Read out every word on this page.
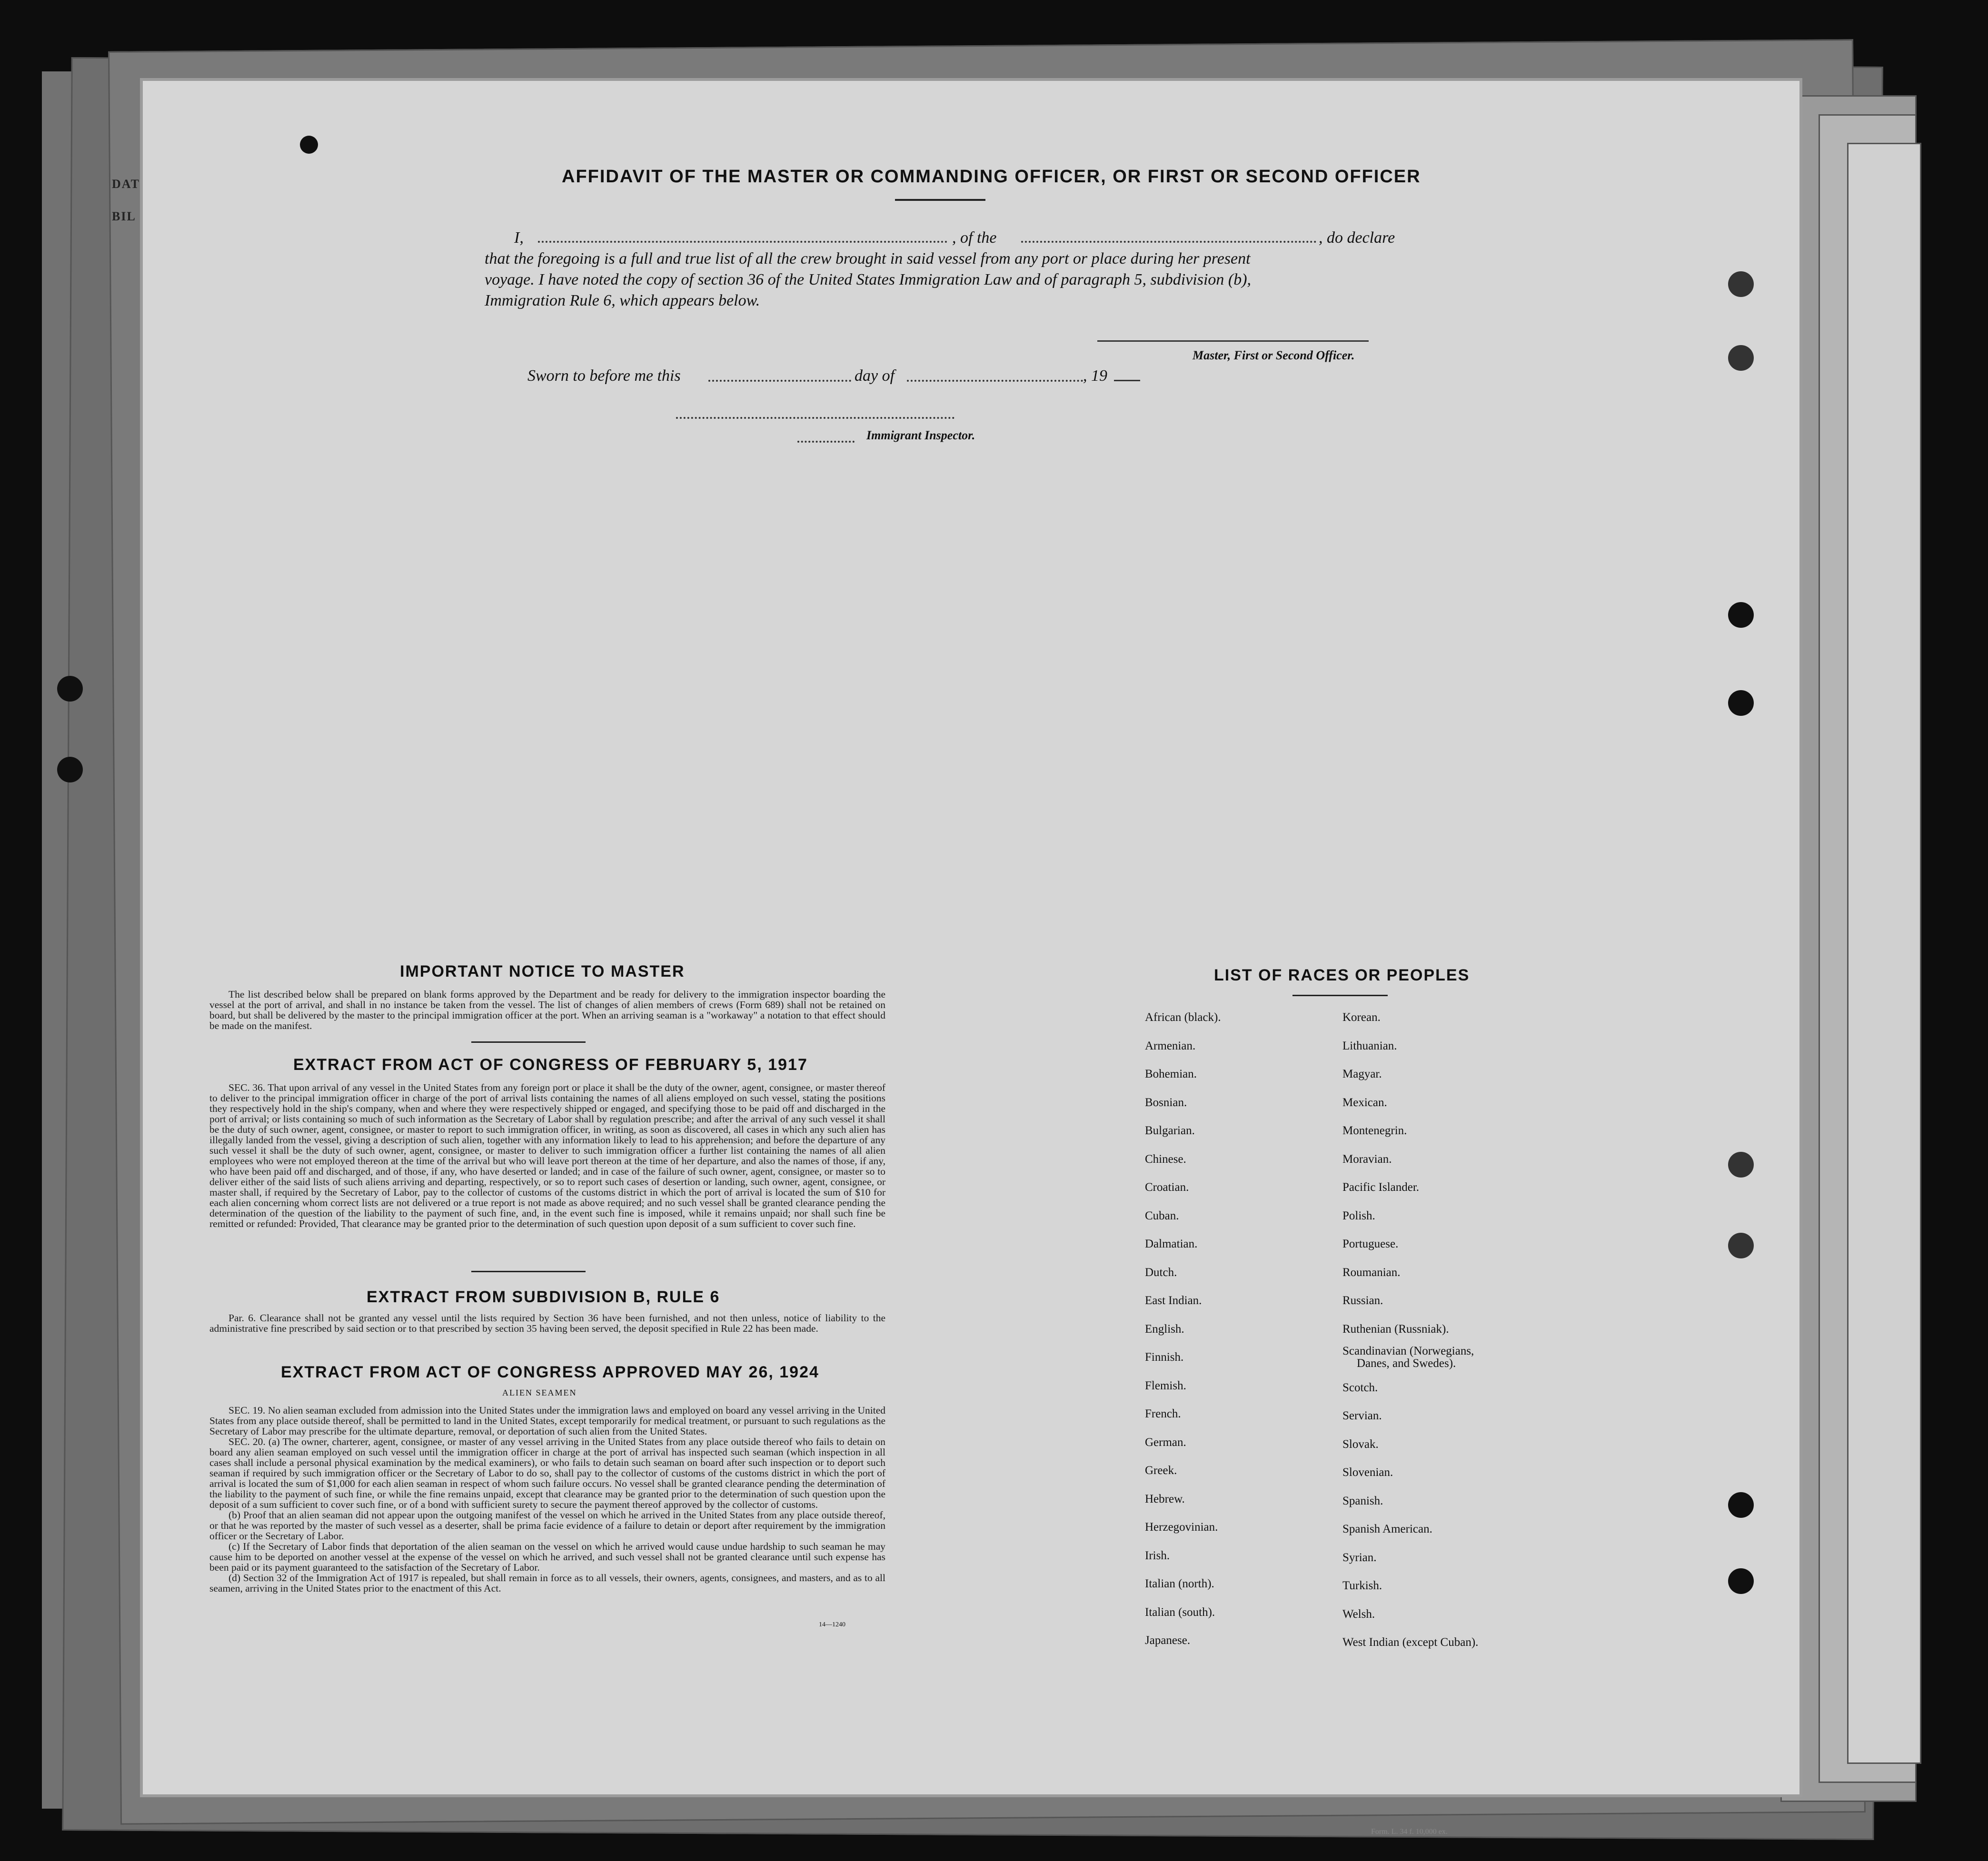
DAT
BIL
AFFIDAVIT OF THE MASTER OR COMMANDING OFFICER, OR FIRST OR SECOND OFFICER
I,	, of the	, do declare
that the foregoing is a full and true list of all the crew brought in said vessel from any port or place during her present
voyage. I have noted the copy of section 36 of the United States Immigration Law and of paragraph 5, subdivision (b),
Immigration Rule 6, which appears below.
Master, First or Second Officer.
Sworn to before me this	day of	, 19
Immigrant Inspector.
IMPORTANT NOTICE TO MASTER

The list described below shall be prepared on blank forms approved by the Department and be ready for delivery to the immigration inspector boarding the vessel at the port of arrival, and shall in no instance be taken from the vessel. The list of changes of alien members of crews (Form 689) shall not be retained on board, but shall be delivered by the master to the principal immigration officer at the port. When an arriving seaman is a "workaway" a notation to that effect should be made on the manifest.

EXTRACT FROM ACT OF CONGRESS OF FEBRUARY 5, 1917

SEC. 36. That upon arrival of any vessel in the United States from any foreign port or place it shall be the duty of the owner, agent, consignee, or master thereof to deliver to the principal immigration officer in charge of the port of arrival lists containing the names of all aliens employed on such vessel, stating the positions they respectively hold in the ship's company, when and where they were respectively shipped or engaged, and specifying those to be paid off and discharged in the port of arrival; or lists containing so much of such information as the Secretary of Labor shall by regulation prescribe; and after the arrival of any such vessel it shall be the duty of such owner, agent, consignee, or master to report to such immigration officer, in writing, as soon as discovered, all cases in which any such alien has illegally landed from the vessel, giving a description of such alien, together with any information likely to lead to his apprehension; and before the departure of any such vessel it shall be the duty of such owner, agent, consignee, or master to deliver to such immigration officer a further list containing the names of all alien employees who were not employed thereon at the time of the arrival but who will leave port thereon at the time of her departure, and also the names of those, if any, who have been paid off and discharged, and of those, if any, who have deserted or landed; and in case of the failure of such owner, agent, consignee, or master so to deliver either of the said lists of such aliens arriving and departing, respectively, or so to report such cases of desertion or landing, such owner, agent, consignee, or master shall, if required by the Secretary of Labor, pay to the collector of customs of the customs district in which the port of arrival is located the sum of $10 for each alien concerning whom correct lists are not delivered or a true report is not made as above required; and no such vessel shall be granted clearance pending the determination of the question of the liability to the payment of such fine, and, in the event such fine is imposed, while it remains unpaid; nor shall such fine be remitted or refunded: Provided, That clearance may be granted prior to the determination of such question upon deposit of a sum sufficient to cover such fine.

EXTRACT FROM SUBDIVISION B, RULE 6

Par. 6. Clearance shall not be granted any vessel until the lists required by Section 36 have been furnished, and not then unless, notice of liability to the administrative fine prescribed by said section or to that prescribed by section 35 having been served, the deposit specified in Rule 22 has been made.

EXTRACT FROM ACT OF CONGRESS APPROVED MAY 26, 1924
ALIEN SEAMEN

SEC. 19. No alien seaman excluded from admission into the United States under the immigration laws and employed on board any vessel arriving in the United States from any place outside thereof, shall be permitted to land in the United States, except temporarily for medical treatment, or pursuant to such regulations as the Secretary of Labor may prescribe for the ultimate departure, removal, or deportation of such alien from the United States.

SEC. 20. (a) The owner, charterer, agent, consignee, or master of any vessel arriving in the United States from any place outside thereof who fails to detain on board any alien seaman employed on such vessel until the immigration officer in charge at the port of arrival has inspected such seaman (which inspection in all cases shall include a personal physical examination by the medical examiners), or who fails to detain such seaman on board after such inspection or to deport such seaman if required by such immigration officer or the Secretary of Labor to do so, shall pay to the collector of customs of the customs district in which the port of arrival is located the sum of $1,000 for each alien seaman in respect of whom such failure occurs. No vessel shall be granted clearance pending the determination of the liability to the payment of such fine, or while the fine remains unpaid, except that clearance may be granted prior to the determination of such question upon the deposit of a sum sufficient to cover such fine, or of a bond with sufficient surety to secure the payment thereof approved by the collector of customs.

(b) Proof that an alien seaman did not appear upon the outgoing manifest of the vessel on which he arrived in the United States from any place outside thereof, or that he was reported by the master of such vessel as a deserter, shall be prima facie evidence of a failure to detain or deport after requirement by the immigration officer or the Secretary of Labor.

(c) If the Secretary of Labor finds that deportation of the alien seaman on the vessel on which he arrived would cause undue hardship to such seaman he may cause him to be deported on another vessel at the expense of the vessel on which he arrived, and such vessel shall not be granted clearance until such expense has been paid or its payment guaranteed to the satisfaction of the Secretary of Labor.

(d) Section 32 of the Immigration Act of 1917 is repealed, but shall remain in force as to all vessels, their owners, agents, consignees, and masters, and as to all seamen, arriving in the United States prior to the enactment of this Act.

14—1240
LIST OF RACES OR PEOPLES
African (black).
Armenian.
Bohemian.
Bosnian.
Bulgarian.
Chinese.
Croatian.
Cuban.
Dalmatian.
Dutch.
East Indian.
English.
Finnish.
Flemish.
French.
German.
Greek.
Hebrew.
Herzegovinian.
Irish.
Italian (north).
Italian (south).
Japanese.
Korean.
Lithuanian.
Magyar.
Mexican.
Montenegrin.
Moravian.
Pacific Islander.
Polish.
Portuguese.
Roumanian.
Russian.
Ruthenian (Russniak).
Scandinavian (Norwegians,
Danes, and Swedes).
Scotch.
Servian.
Slovak.
Slovenian.
Spanish.
Spanish American.
Syrian.
Turkish.
Welsh.
West Indian (except Cuban).
Form. L. 34 f. 10,000 ex.
